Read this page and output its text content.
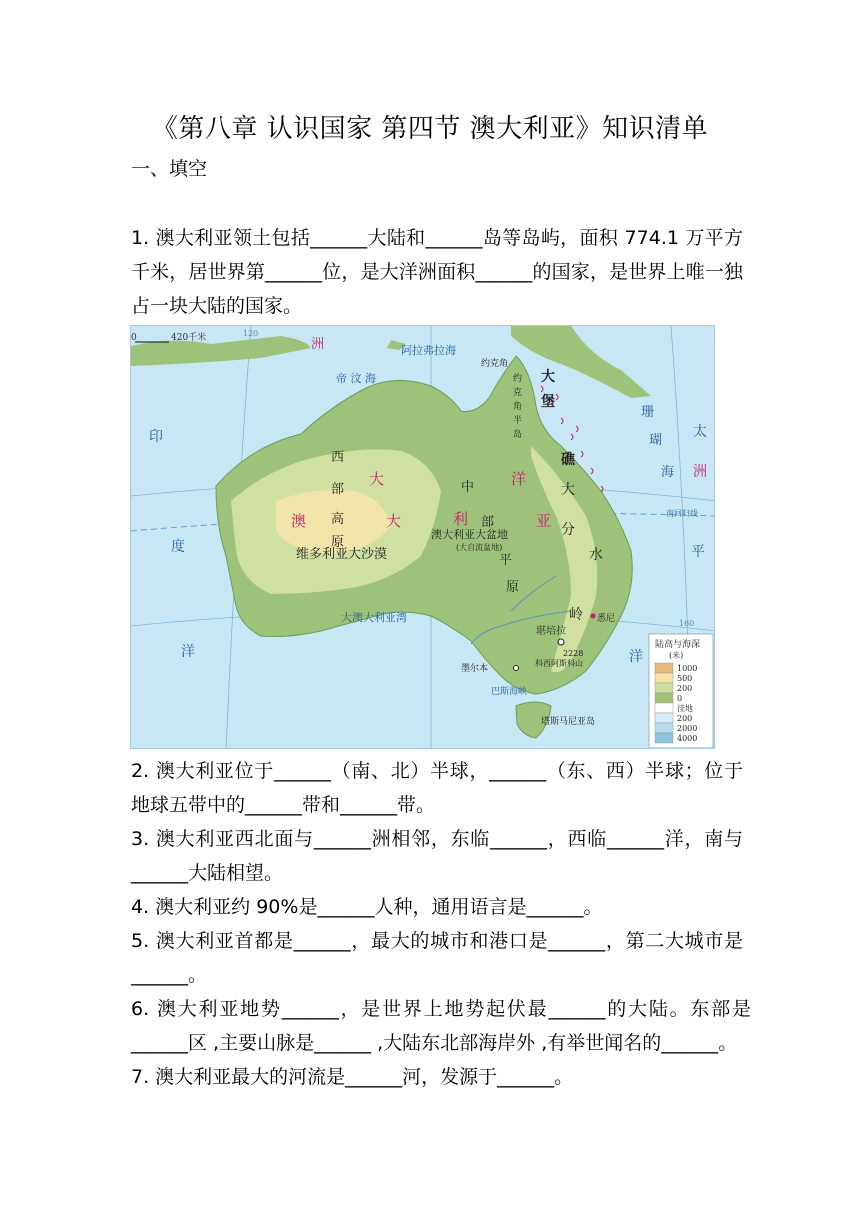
《第八章 认识国家 第四节 澳大利亚》知识清单
一、填空
1. 澳大利亚领土包括______大陆和______岛等岛屿，面积 774.1 万平方千米，居世界第______位，是大洋洲面积______的国家，是世界上唯一独占一块大陆的国家。
0	420千米	120
160
洲	阿拉弗拉海
约克角
帝 汶 海	约
克
角
半
岛
大
堡
礁
珊
瑚
海
印
度
洋
太
洲
洋
平
南回归线
西
部
高
原
大	洋
澳	大	利	亚
中
部
平
原
大
分
水
岭
澳大利亚大盆地
(大自流盆地)
维多利亚大沙漠
大澳大利亚湾
堪培拉
悉尼
2228
科西阿斯科山
墨尔本
巴斯海峡
塔斯马尼亚岛
陆高与海深
(米)
1000
500
200
0
洼地
200
2000
4000
2. 澳大利亚位于______（南、北）半球，______（东、西）半球；位于地球五带中的______带和______带。
3. 澳大利亚西北面与______洲相邻，东临______，西临______洋，南与______大陆相望。
4. 澳大利亚约 90%是______人种，通用语言是______。
5. 澳大利亚首都是______，最大的城市和港口是______，第二大城市是______。
6. 澳大利亚地势______，是世界上地势起伏最______的大陆。东部是______区 ,主要山脉是______ ,大陆东北部海岸外 ,有举世闻名的______。
7. 澳大利亚最大的河流是______河，发源于______。
